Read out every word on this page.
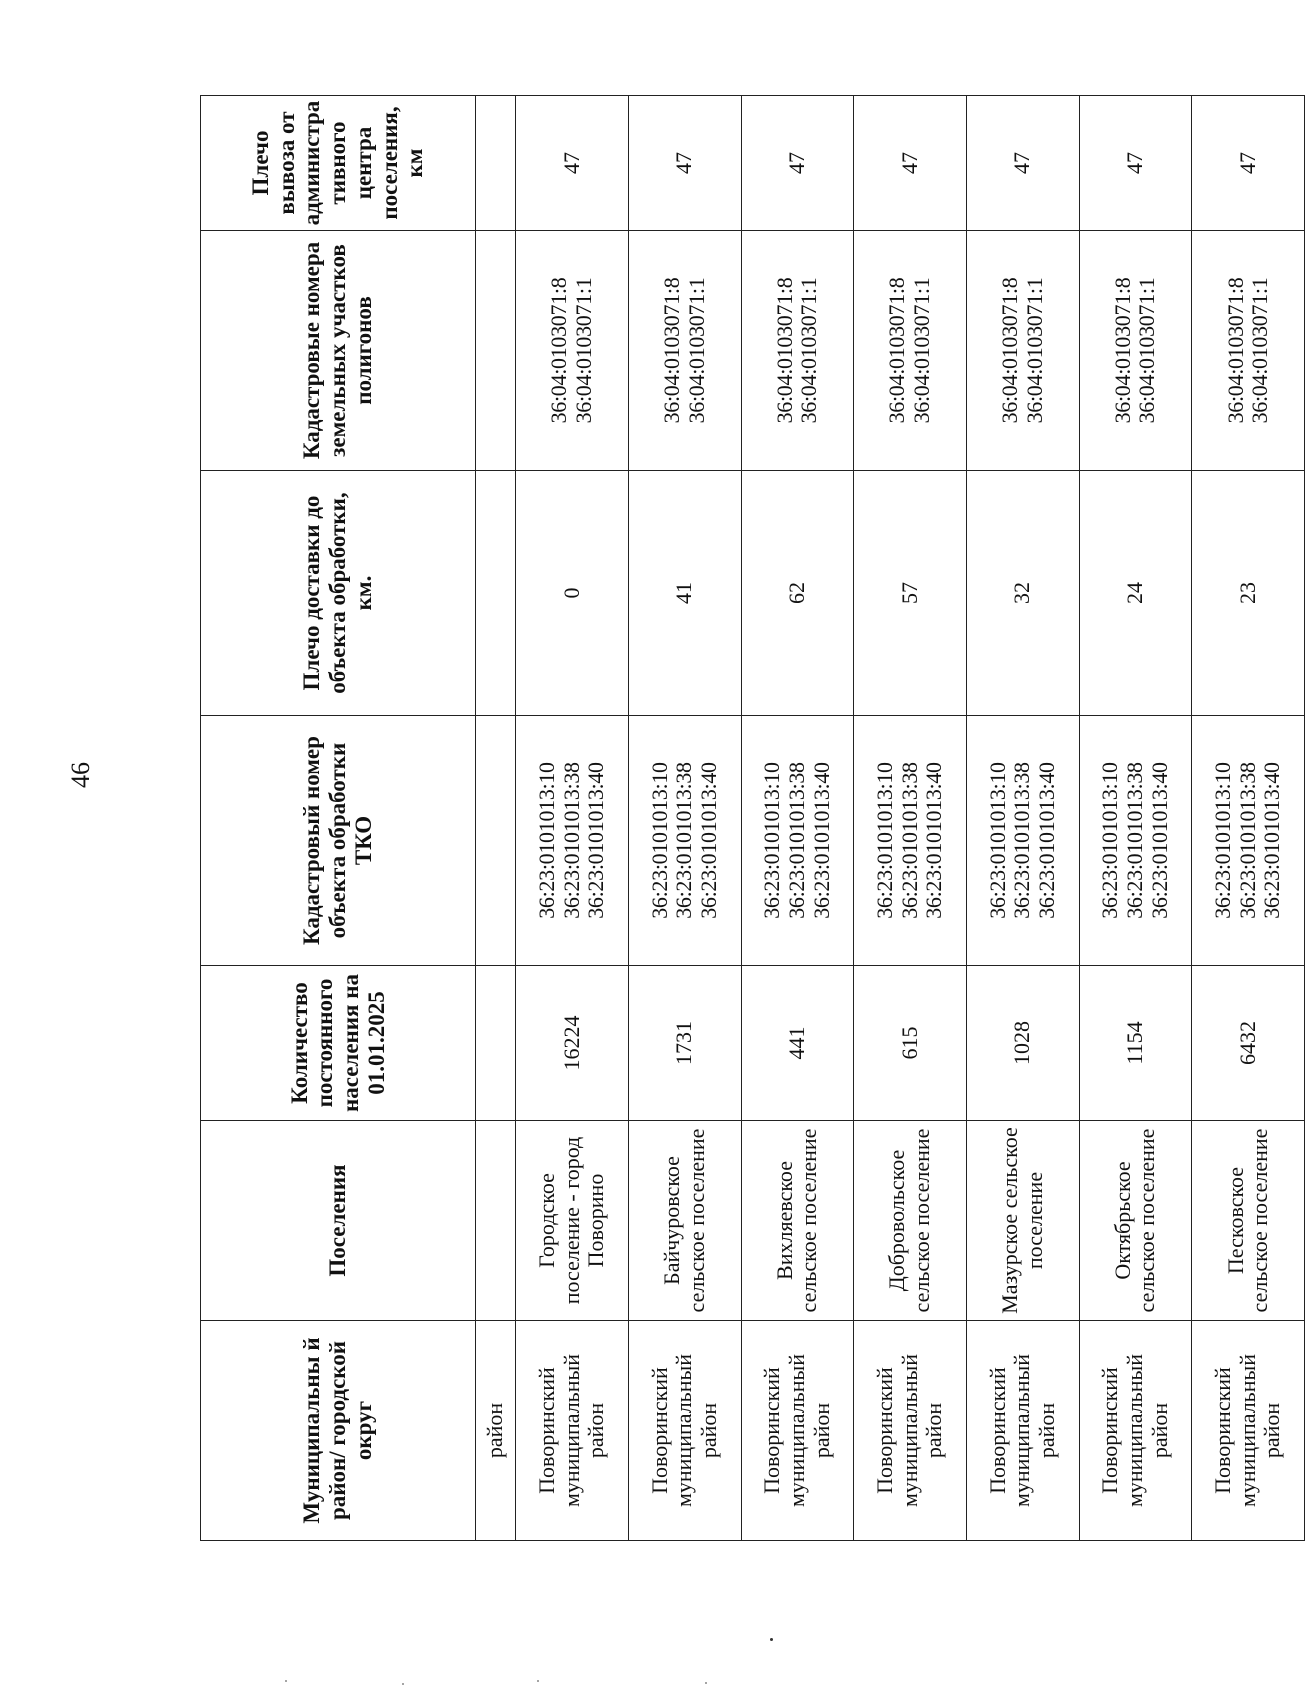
46
Муниципальны й район/ городской округ	Поселения	Количество постоянного населения на 01.01.2025	Кадастровый номер объекта обработки ТКО	Плечо доставки до объекта обработки, км.	Кадастровые номера земельных участков полигонов	Плечо вывоза от администра тивного центра поселения, км
район						
Поворинский муниципальный район	Городское поселение - город Поворино	16224	36:23:0101013:10 36:23:0101013:38 36:23:0101013:40	0	36:04:0103071:8 36:04:0103071:1	47
Поворинский муниципальный район	Байчуровское сельское поселение	1731	36:23:0101013:10 36:23:0101013:38 36:23:0101013:40	41	36:04:0103071:8 36:04:0103071:1	47
Поворинский муниципальный район	Вихляевское сельское поселение	441	36:23:0101013:10 36:23:0101013:38 36:23:0101013:40	62	36:04:0103071:8 36:04:0103071:1	47
Поворинский муниципальный район	Добровольское сельское поселение	615	36:23:0101013:10 36:23:0101013:38 36:23:0101013:40	57	36:04:0103071:8 36:04:0103071:1	47
Поворинский муниципальный район	Мазурское сельское поселение	1028	36:23:0101013:10 36:23:0101013:38 36:23:0101013:40	32	36:04:0103071:8 36:04:0103071:1	47
Поворинский муниципальный район	Октябрьское сельское поселение	1154	36:23:0101013:10 36:23:0101013:38 36:23:0101013:40	24	36:04:0103071:8 36:04:0103071:1	47
Поворинский муниципальный район	Песковское сельское поселение	6432	36:23:0101013:10 36:23:0101013:38 36:23:0101013:40	23	36:04:0103071:8 36:04:0103071:1	47
